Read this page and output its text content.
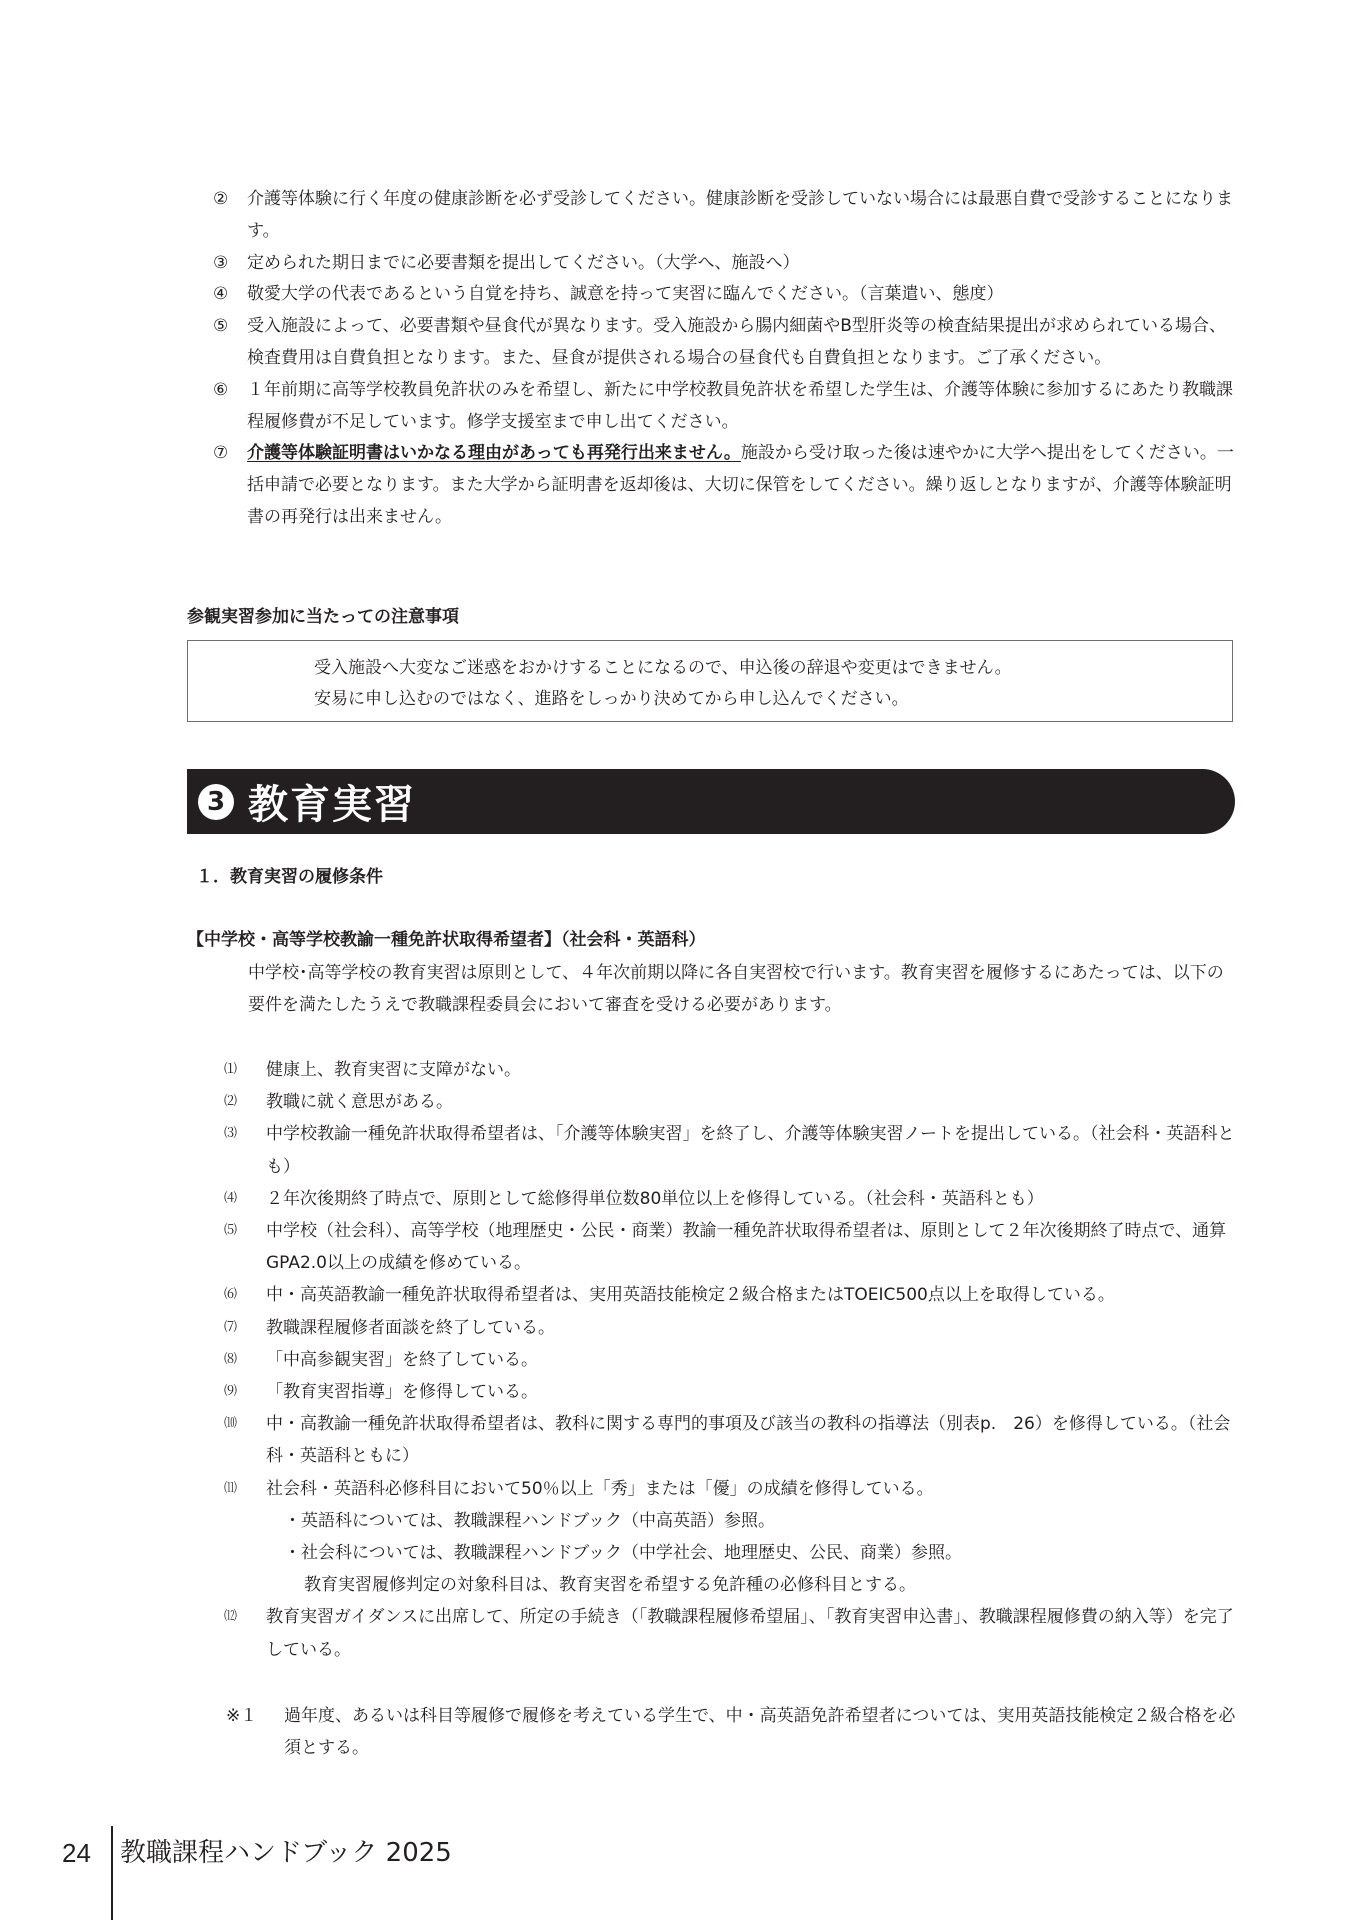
②	介護等体験に行く年度の健康診断を必ず受診してください。健康診断を受診していない場合には最悪自費で受診することになります。
③	定められた期日までに必要書類を提出してください。（大学へ、施設へ）
④	敬愛大学の代表であるという自覚を持ち、誠意を持って実習に臨んでください。（言葉遣い、態度）
⑤	受入施設によって、必要書類や昼食代が異なります。受入施設から腸内細菌やB型肝炎等の検査結果提出が求められている場合、検査費用は自費負担となります。また、昼食が提供される場合の昼食代も自費負担となります。ご了承ください。
⑥	１年前期に高等学校教員免許状のみを希望し、新たに中学校教員免許状を希望した学生は、介護等体験に参加するにあたり教職課程履修費が不足しています。修学支援室まで申し出てください。
⑦	介護等体験証明書はいかなる理由があっても再発行出来ません。施設から受け取った後は速やかに大学へ提出をしてください。一括申請で必要となります。また大学から証明書を返却後は、大切に保管をしてください。繰り返しとなりますが、介護等体験証明書の再発行は出来ません。
参観実習参加に当たっての注意事項
受入施設へ大変なご迷惑をおかけすることになるので、申込後の辞退や変更はできません。
安易に申し込むのではなく、進路をしっかり決めてから申し込んでください。
3 教育実習
１．教育実習の履修条件
【中学校・高等学校教諭一種免許状取得希望者】（社会科・英語科）
中学校･高等学校の教育実習は原則として、４年次前期以降に各自実習校で行います。教育実習を履修するにあたっては、以下の要件を満たしたうえで教職課程委員会において審査を受ける必要があります。
⑴ 健康上、教育実習に支障がない。
⑵ 教職に就く意思がある。
⑶ 中学校教諭一種免許状取得希望者は、「介護等体験実習」を終了し、介護等体験実習ノートを提出している。（社会科・英語科とも）
⑷ ２年次後期終了時点で、原則として総修得単位数80単位以上を修得している。（社会科・英語科とも）
⑸ 中学校（社会科）、高等学校（地理歴史・公民・商業）教諭一種免許状取得希望者は、原則として２年次後期終了時点で、通算GPA2.0以上の成績を修めている。
⑹ 中・高英語教諭一種免許状取得希望者は、実用英語技能検定２級合格またはTOEIC500点以上を取得している。
⑺ 教職課程履修者面談を終了している。
⑻ 「中高参観実習」を終了している。
⑼ 「教育実習指導」を修得している。
⑽ 中・高教諭一種免許状取得希望者は、教科に関する専門的事項及び該当の教科の指導法（別表p.　26）を修得している。（社会科・英語科ともに）
⑾ 社会科・英語科必修科目において50％以上「秀」または「優」の成績を修得している。
・英語科については、教職課程ハンドブック（中高英語）参照。
・社会科については、教職課程ハンドブック（中学社会、地理歴史、公民、商業）参照。
教育実習履修判定の対象科目は、教育実習を希望する免許種の必修科目とする。
⑿ 教育実習ガイダンスに出席して、所定の手続き（「教職課程履修希望届」、「教育実習申込書」、教職課程履修費の納入等）を完了している。
※１	過年度、あるいは科目等履修で履修を考えている学生で、中・高英語免許希望者については、実用英語技能検定２級合格を必須とする。
24 教職課程ハンドブック 2025
